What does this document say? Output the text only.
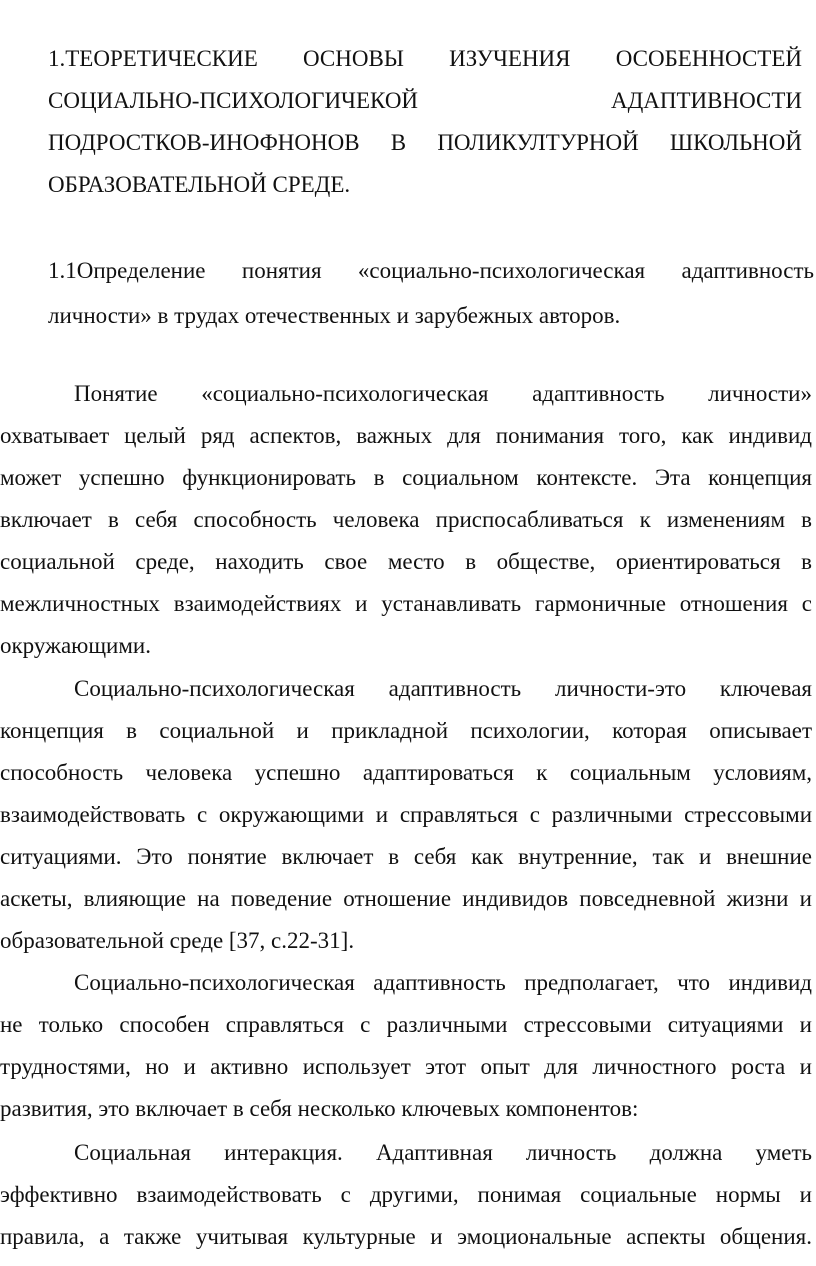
1.ТЕОРЕТИЧЕСКИЕ ОСНОВЫ ИЗУЧЕНИЯ ОСОБЕННОСТЕЙ
СОЦИАЛЬНО-ПСИХОЛОГИЧЕКОЙ АДАПТИВНОСТИ
ПОДРОСТКОВ-ИНОФНОНОВ В ПОЛИКУЛТУРНОЙ ШКОЛЬНОЙ
ОБРАЗОВАТЕЛЬНОЙ СРЕДЕ.
1.1Определение понятия «социально-психологическая адаптивность
личности» в трудах отечественных и зарубежных авторов.
Понятие «социально-психологическая адаптивность личности»
охватывает целый ряд аспектов, важных для понимания того, как индивид
может успешно функционировать в социальном контексте. Эта концепция
включает в себя способность человека приспосабливаться к изменениям в
социальной среде, находить свое место в обществе, ориентироваться в
межличностных взаимодействиях и устанавливать гармоничные отношения с
окружающими.
Социально-психологическая адаптивность личности-это ключевая
концепция в социальной и прикладной психологии, которая описывает
способность человека успешно адаптироваться к социальным условиям,
взаимодействовать с окружающими и справляться с различными стрессовыми
ситуациями. Это понятие включает в себя как внутренние, так и внешние
аскеты, влияющие на поведение отношение индивидов повседневной жизни и
образовательной среде [37, с.22-31].
Социально-психологическая адаптивность предполагает, что индивид
не только способен справляться с различными стрессовыми ситуациями и
трудностями, но и активно использует этот опыт для личностного роста и
развития, это включает в себя несколько ключевых компонентов:
Социальная интеракция. Адаптивная личность должна уметь
эффективно взаимодействовать с другими, понимая социальные нормы и
правила, а также учитывая культурные и эмоциональные аспекты общения.
